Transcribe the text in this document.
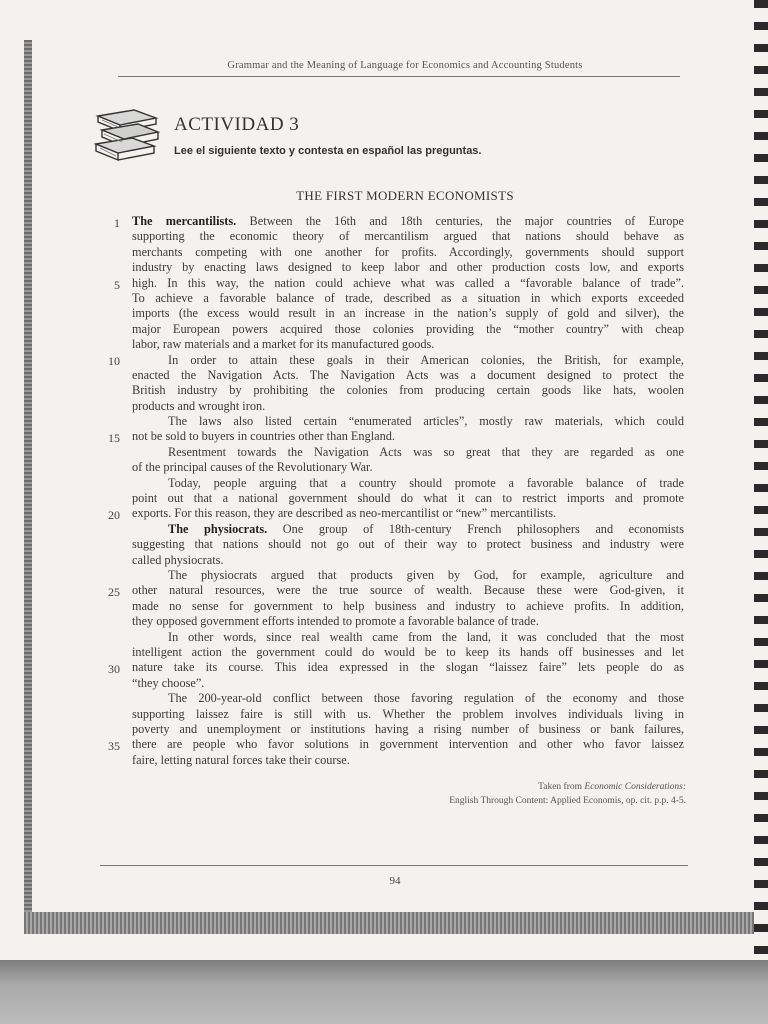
Grammar and the Meaning of Language for Economics and Accounting Students
ACTIVIDAD 3
Lee el siguiente texto y contesta en español las preguntas.
THE FIRST MODERN ECONOMISTS
1
5
10
15
20
25
30
35
The mercantilists. Between the 16th and 18th centuries, the major countries of Europe
supporting the economic theory of mercantilism argued that nations should behave as
merchants competing with one another for profits. Accordingly, governments should support
industry by enacting laws designed to keep labor and other production costs low, and exports
high. In this way, the nation could achieve what was called a “favorable balance of trade”.
To achieve a favorable balance of trade, described as a situation in which exports exceeded
imports (the excess would result in an increase in the nation’s supply of gold and silver), the
major European powers acquired those colonies providing the “mother country” with cheap
labor, raw materials and a market for its manufactured goods.
In order to attain these goals in their American colonies, the British, for example,
enacted the Navigation Acts. The Navigation Acts was a document designed to protect the
British industry by prohibiting the colonies from producing certain goods like hats, woolen
products and wrought iron.
The laws also listed certain “enumerated articles”, mostly raw materials, which could
not be sold to buyers in countries other than England.
Resentment towards the Navigation Acts was so great that they are regarded as one
of the principal causes of the Revolutionary War.
Today, people arguing that a country should promote a favorable balance of trade
point out that a national government should do what it can to restrict imports and promote
exports. For this reason, they are described as neo-mercantilist or “new” mercantilists.
The physiocrats. One group of 18th-century French philosophers and economists
suggesting that nations should not go out of their way to protect business and industry were
called physiocrats.
The physiocrats argued that products given by God, for example, agriculture and
other natural resources, were the true source of wealth. Because these were God-given, it
made no sense for government to help business and industry to achieve profits. In addition,
they opposed government efforts intended to promote a favorable balance of trade.
In other words, since real wealth came from the land, it was concluded that the most
intelligent action the government could do would be to keep its hands off businesses and let
nature take its course. This idea expressed in the slogan “laissez faire” lets people do as
“they choose”.
The 200-year-old conflict between those favoring regulation of the economy and those
supporting laissez faire is still with us. Whether the problem involves individuals living in
poverty and unemployment or institutions having a rising number of business or bank failures,
there are people who favor solutions in government intervention and other who favor laissez
faire, letting natural forces take their course.
Taken from Economic Considerations:
English Through Content: Applied Economis, op. cit. p.p. 4-5.
94
